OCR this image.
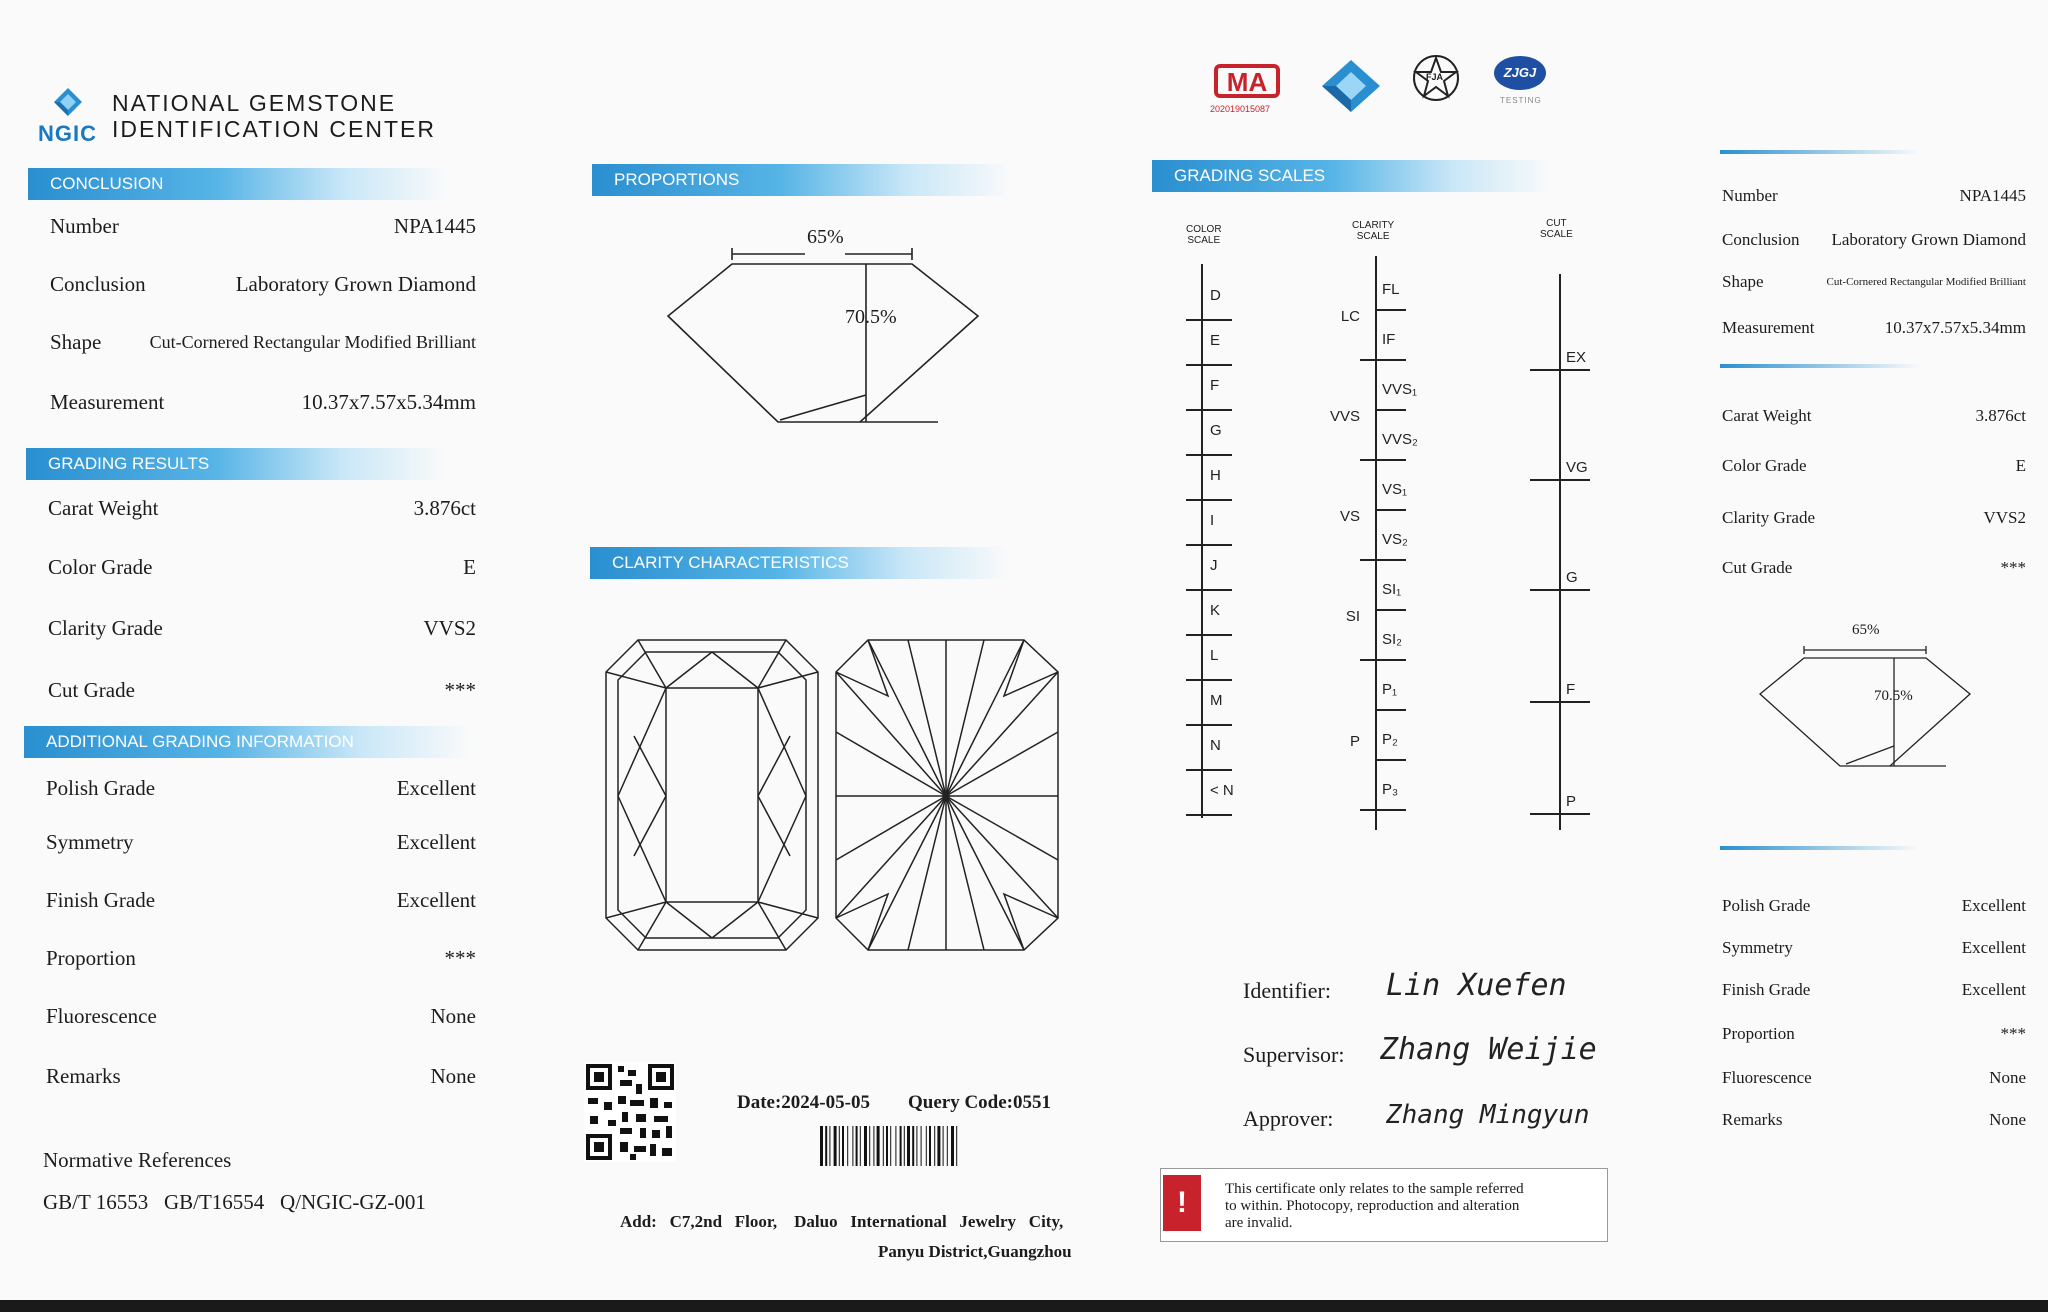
NGIC
NATIONAL GEMSTONE
IDENTIFICATION CENTER
CONCLUSION
Number	NPA1445
Conclusion	Laboratory Grown Diamond
Shape	Cut-Cornered Rectangular Modified Brilliant
Measurement	10.37x7.57x5.34mm
GRADING RESULTS
Carat Weight	3.876ct
Color Grade	E
Clarity Grade	VVS2
Cut Grade	***
ADDITIONAL GRADING INFORMATION
Polish Grade	Excellent
Symmetry	Excellent
Finish Grade	Excellent
Proportion	***
Fluorescence	None
Remarks	None
Normative References
GB/T 16553   GB/T16554   Q/NGIC-GZ-001
PROPORTIONS
65%
70.5%
CLARITY CHARACTERISTICS
Date:2024-05-05 Query Code:0551
Add:   C7,2nd   Floor,    Daluo   International   Jewelry   City,
Panyu District,Guangzhou
MA
202019015087
FJA	ZJGJ
TESTING
GRADING SCALES
COLOR
SCALE
CLARITY
SCALE
CUT
SCALE
D
E
F
G
H
I
J
K
L
M
N
< N
FL
IF
VVS₁
VVS₂
VS₁
VS₂
SI₁
SI₂
P₁
P₂
P₃
LC
VVS
VS
SI
P
EX
VG
G
F
P
Identifier: Lin Xuefen
Supervisor: Zhang Weijie
Approver: Zhang Mingyun
!	This certificate only relates to the sample referred
to within. Photocopy, reproduction and alteration
are invalid.
Number	NPA1445
Conclusion Laboratory Grown Diamond
Shape	Cut-Cornered Rectangular Modified Brilliant
Measurement	10.37x7.57x5.34mm
Carat Weight	3.876ct
Color Grade	E
Clarity Grade	VVS2
Cut Grade	***
65%
70.5%
Polish Grade	Excellent
Symmetry	Excellent
Finish Grade	Excellent
Proportion	***
Fluorescence	None
Remarks	None
